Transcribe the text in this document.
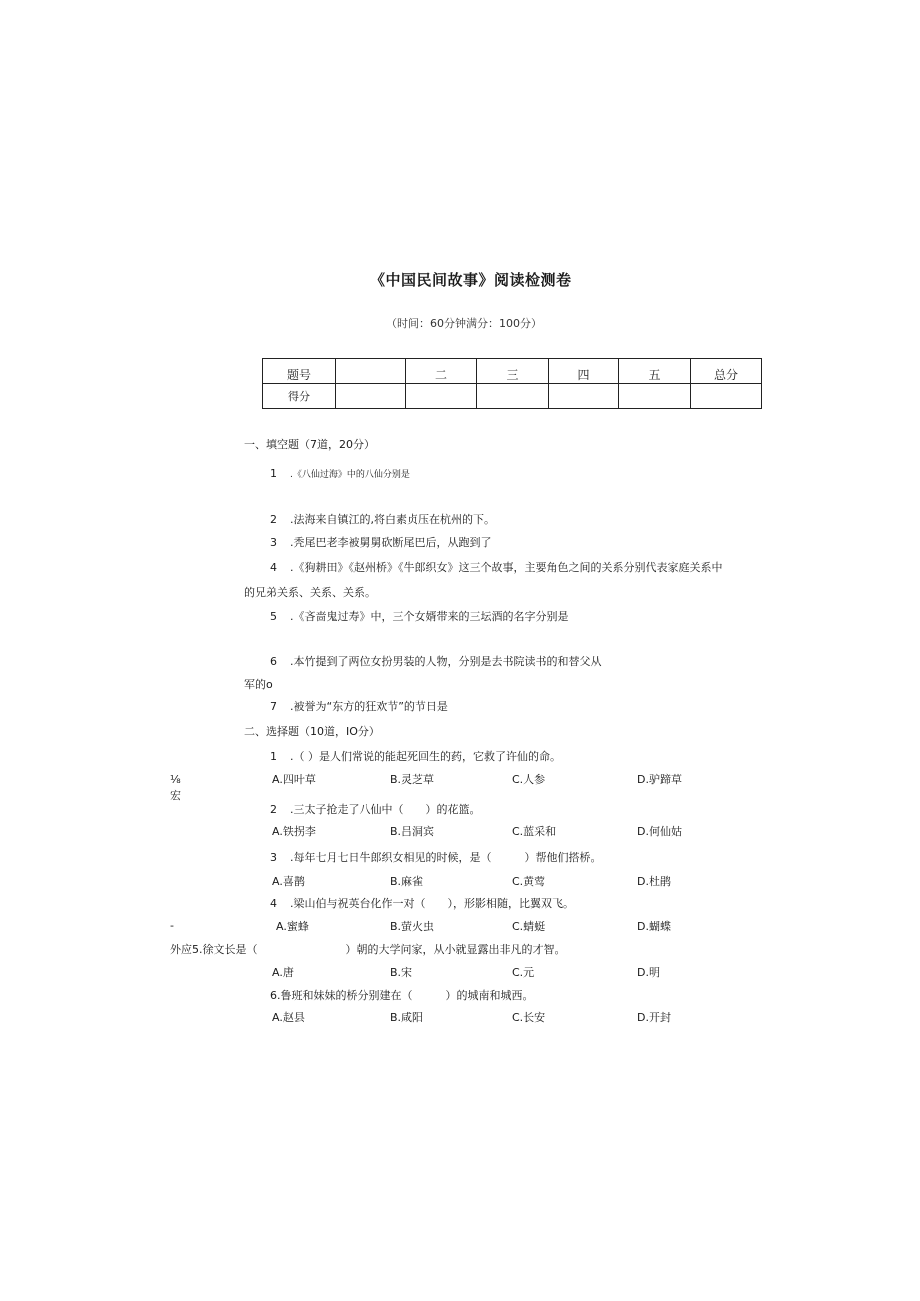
《中国民间故事》阅读检测卷
（时间：60分钟满分：100分）
题号		二	三	四	五	总分
得分						
一、填空题（7道，20分）
1 .《八仙过海》中的八仙分别是
2 .法海来自镇江的,将白素贞压在杭州的下。
3 .秃尾巴老李被舅舅砍断尾巴后，从跑到了
4 .《狗耕田》《赵州桥》《牛郎织女》这三个故事，主要角色之间的关系分别代表家庭关系中
的兄弟关系、关系、关系。
5 .《吝啬鬼过寿》中，三个女婿带来的三坛酒的名字分别是
6 .本竹提到了两位女扮男装的人物，分别是去书院读书的和替父从
军的o
7 .被誉为“东方的狂欢节”的节日是
二、选择题（10道，IO分）
1 .（ ）是人们常说的能起死回生的药，它救了许仙的命。
A.四叶草	B.灵芝草	C.人参	D.驴蹄草
2 .三太子抢走了八仙中（　　）的花篮。
A.铁拐李	B.吕洞宾	C.蓝采和	D.何仙姑
3 .每年七月七日牛郎织女相见的时候，是（　　　）帮他们搭桥。
A.喜鹊	B.麻雀	C.黄莺	D.杜鹃
4 .梁山伯与祝英台化作一对（　　），形影相随，比翼双飞。
A.蜜蜂	B.萤火虫	C.蜻蜓	D.蝴蝶
外应5.徐文长是（　　　　　　　　）朝的大学问家，从小就显露出非凡的才智。
A.唐	B.宋	C.元	D.明
6.鲁班和妹妹的桥分别建在（　　　）的城南和城西。
A.赵县	B.咸阳	C.长安	D.开封
⅛
宏
-
